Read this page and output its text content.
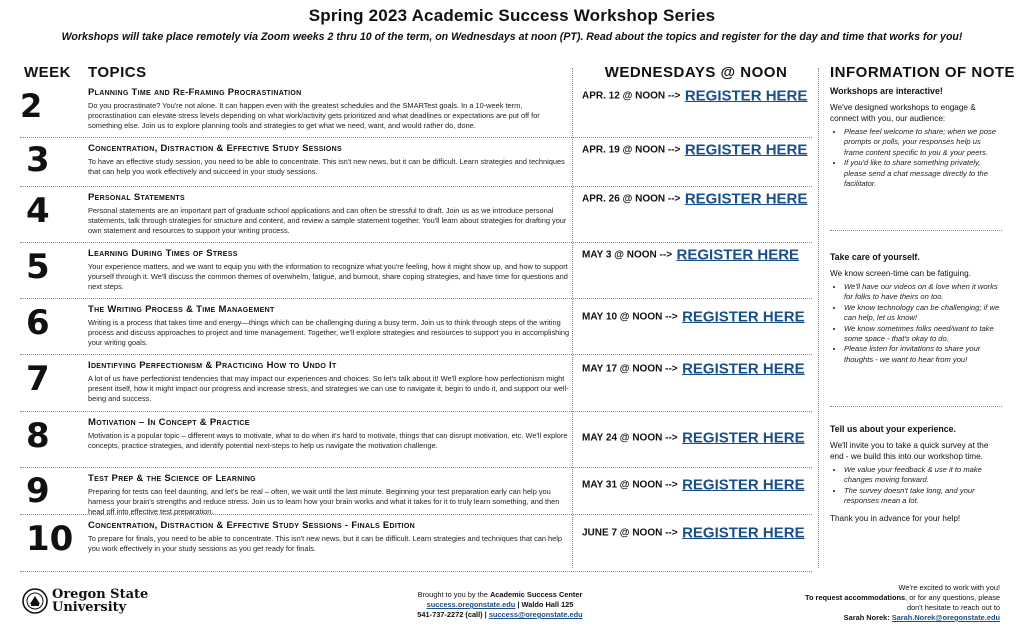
Spring 2023 Academic Success Workshop Series
Workshops will take place remotely via Zoom weeks 2 thru 10 of the term, on Wednesdays at noon (PT). Read about the topics and register for the day and time that works for you!
WEEK TOPICS	WEDNESDAYS @ NOON	INFORMATION OF NOTE
2	Planning Time and Re-Framing Procrastination
Do you procrastinate? You're not alone. It can happen even with the greatest schedules and the SMARTest goals. In a 10-week term, procrastination can elevate stress levels depending on what work/activity gets prioritized and what deadlines or expectations are put off for something else. Join us to explore planning tools and strategies to get what we need, want, and would rather do, done.
APR. 12 @ NOON --> REGISTER HERE
3	Concentration, Distraction & Effective Study Sessions
To have an effective study session, you need to be able to concentrate. This isn't new news, but it can be difficult. Learn strategies and techniques that can help you work effectively and succeed in your study sessions.
APR. 19 @ NOON --> REGISTER HERE
4	Personal Statements
Personal statements are an important part of graduate school applications and can often be stressful to draft. Join us as we introduce personal statements, talk through strategies for structure and content, and review a sample statement together. You'll learn about strategies for drafting your own statement and resources to support your writing process.
APR. 26 @ NOON --> REGISTER HERE
5	Learning During Times of Stress
Your experience matters, and we want to equip you with the information to recognize what you're feeling, how it might show up, and how to support yourself through it. We'll discuss the common themes of overwhelm, fatigue, and burnout, share coping strategies, and have time for questions and next steps.
MAY 3 @ NOON --> REGISTER HERE
6	The Writing Process & Time Management
Writing is a process that takes time and energy—things which can be challenging during a busy term. Join us to think through steps of the writing process and discuss approaches to project and time management. Together, we'll explore strategies and resources to support you in accomplishing your writing goals.
MAY 10 @ NOON --> REGISTER HERE
7	Identifying Perfectionism & Practicing How to Undo It
A lot of us have perfectionist tendencies that may impact our experiences and choices. So let's talk about it! We'll explore how perfectionism might present itself, how it might impact our progress and increase stress, and strategies we can use to navigate it, begin to undo it, and support our well-being and success.
MAY 17 @ NOON --> REGISTER HERE
8	Motivation – In Concept & Practice
Motivation is a popular topic – different ways to motivate, what to do when it's hard to motivate, things that can disrupt motivation, etc. We'll explore concepts, practice strategies, and identify potential next-steps to help us navigate the motivation challenge.
MAY 24 @ NOON --> REGISTER HERE
9	Test Prep & the Science of Learning
Preparing for tests can feel daunting, and let's be real – often, we wait until the last minute. Beginning your test preparation early can help you harness your brain's strengths and reduce stress. Join us to learn how your brain works and what it takes for it to truly learn something, and then head off into effective test preparation.
MAY 31 @ NOON --> REGISTER HERE
10 Concentration, Distraction & Effective Study Sessions - Finals Edition
To prepare for finals, you need to be able to concentrate. This isn't new news, but it can be difficult. Learn strategies and techniques that can help you work effectively in your study sessions as you get ready for finals.
JUNE 7 @ NOON --> REGISTER HERE
Workshops are interactive!
We've designed workshops to engage & connect with you, our audience:
• Please feel welcome to share; when we pose prompts or polls, your responses help us frame content specific to you & your peers.
• If you'd like to share something privately, please send a chat message directly to the facilitator.
Take care of yourself.
We know screen-time can be fatiguing.
• We'll have our videos on & love when it works for folks to have theirs on too.
• We know technology can be challenging; if we can help, let us know!
• We know sometimes folks need/want to take some space - that's okay to do.
• Please listen for invitations to share your thoughts - we want to hear from you!
Tell us about your experience.
We'll invite you to take a quick survey at the end - we build this into our workshop time.
• We value your feedback & use it to make changes moving forward.
• The survey doesn't take long, and your responses mean a lot.
Thank you in advance for your help!
Oregon State
University
Brought to you by the Academic Success Center
success.oregonstate.edu | Waldo Hall 125
541-737-2272 (call) | success@oregonstate.edu
We're excited to work with you!
To request accommodations, or for any questions, please don't hesitate to reach out to
Sarah Norek: Sarah.Norek@oregonstate.edu
